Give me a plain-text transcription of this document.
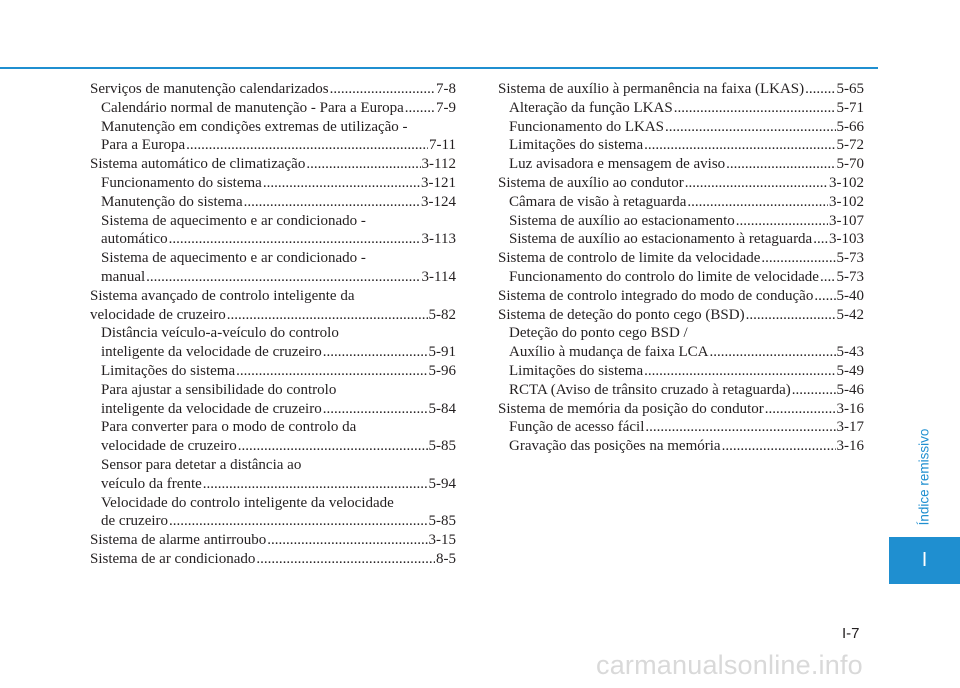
Serviços de manutenção calendarizados .....	7-8
Calendário normal de manutenção - Para a Europa ..... 7-9
Manutenção em condições extremas de utilização -
Para a Europa .....	7-11
Sistema automático de climatização .....	3-112
Funcionamento do sistema .....	3-121
Manutenção do sistema .....	3-124
Sistema de aquecimento e ar condicionado -
automático .....	3-113
Sistema de aquecimento e ar condicionado -
manual .....	3-114
Sistema avançado de controlo inteligente da
velocidade de cruzeiro .....	5-82
Distância veículo-a-veículo do controlo
inteligente da velocidade de cruzeiro .....	5-91
Limitações do sistema .....	5-96
Para ajustar a sensibilidade do controlo
inteligente da velocidade de cruzeiro .....	5-84
Para converter para o modo de controlo da
velocidade de cruzeiro .....	5-85
Sensor para detetar a distância ao
veículo da frente .....	5-94
Velocidade do controlo inteligente da velocidade
de cruzeiro .....	5-85
Sistema de alarme antirroubo .....	3-15
Sistema de ar condicionado .....	8-5
Sistema de auxílio à permanência na faixa (LKAS) ..... 5-65
Alteração da função LKAS .....	5-71
Funcionamento do LKAS .....	5-66
Limitações do sistema .....	5-72
Luz avisadora e mensagem de aviso .....	5-70
Sistema de auxílio ao condutor .....	3-102
Câmara de visão à retaguarda .....	3-102
Sistema de auxílio ao estacionamento .....	3-107
Sistema de auxílio ao estacionamento à retaguarda ..... 3-103
Sistema de controlo de limite da velocidade .....	5-73
Funcionamento do controlo do limite de velocidade ..... 5-73
Sistema de controlo integrado do modo de condução ..... 5-40
Sistema de deteção do ponto cego (BSD) .....	5-42
Deteção do ponto cego BSD /
Auxílio à mudança de faixa LCA .....	5-43
Limitações do sistema .....	5-49
RCTA (Aviso de trânsito cruzado à retaguarda) .....	5-46
Sistema de memória da posição do condutor .....	3-16
Função de acesso fácil .....	3-17
Gravação das posições na memória .....	3-16	Índice remissivo
I
I-7
carmanualsonline.info
